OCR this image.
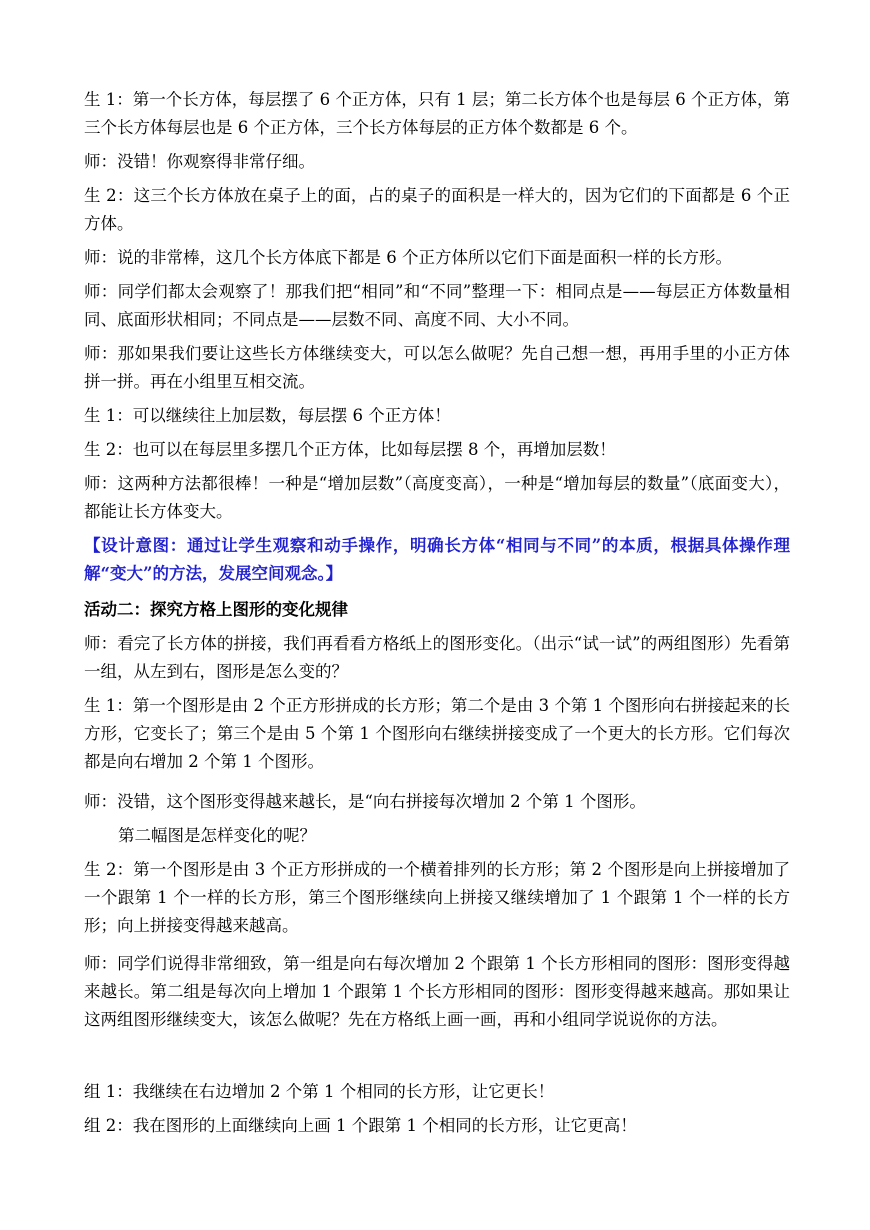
生 1：第一个长方体，每层摆了 6 个正方体，只有 1 层；第二长方体个也是每层 6 个正方体，第三个长方体每层也是 6 个正方体，三个长方体每层的正方体个数都是 6 个。

师：没错！你观察得非常仔细。

生 2：这三个长方体放在桌子上的面，占的桌子的面积是一样大的，因为它们的下面都是 6 个正方体。

师：说的非常棒，这几个长方体底下都是 6 个正方体所以它们下面是面积一样的长方形。

师：同学们都太会观察了！那我们把“相同”和“不同”整理一下：相同点是——每层正方体数量相同、底面形状相同；不同点是——层数不同、高度不同、大小不同。

师：那如果我们要让这些长方体继续变大，可以怎么做呢？先自己想一想，再用手里的小正方体拼一拼。再在小组里互相交流。

生 1：可以继续往上加层数，每层摆 6 个正方体！

生 2：也可以在每层里多摆几个正方体，比如每层摆 8 个，再增加层数！

师：这两种方法都很棒！一种是“增加层数”（高度变高），一种是“增加每层的数量”（底面变大），都能让长方体变大。

【设计意图：通过让学生观察和动手操作，明确长方体“相同与不同”的本质，根据具体操作理解“变大”的方法，发展空间观念。】

活动二：探究方格上图形的变化规律

师：看完了长方体的拼接，我们再看看方格纸上的图形变化。（出示“试一试”的两组图形）先看第一组，从左到右，图形是怎么变的？

生 1：第一个图形是由 2 个正方形拼成的长方形；第二个是由 3 个第 1 个图形向右拼接起来的长方形，它变长了；第三个是由 5 个第 1 个图形向右继续拼接变成了一个更大的长方形。它们每次都是向右增加 2 个第 1 个图形。

师：没错，这个图形变得越来越长，是“向右拼接每次增加 2 个第 1 个图形。

第二幅图是怎样变化的呢？

生 2：第一个图形是由 3 个正方形拼成的一个横着排列的长方形；第 2 个图形是向上拼接增加了一个跟第 1 个一样的长方形，第三个图形继续向上拼接又继续增加了 1 个跟第 1 个一样的长方形；向上拼接变得越来越高。

师：同学们说得非常细致，第一组是向右每次增加 2 个跟第 1 个长方形相同的图形：图形变得越来越长。第二组是每次向上增加 1 个跟第 1 个长方形相同的图形：图形变得越来越高。那如果让这两组图形继续变大，该怎么做呢？先在方格纸上画一画，再和小组同学说说你的方法。

组 1：我继续在右边增加 2 个第 1 个相同的长方形，让它更长！

组 2：我在图形的上面继续向上画 1 个跟第 1 个相同的长方形，让它更高！
